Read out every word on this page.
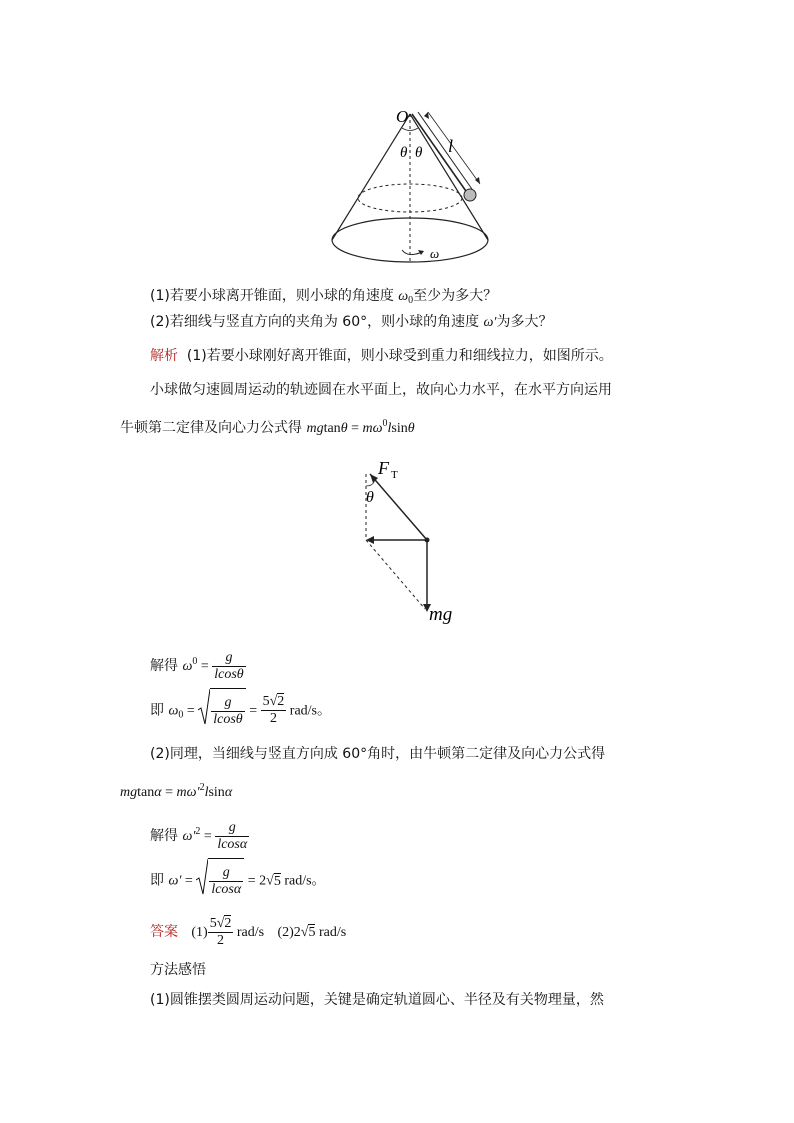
O
θ θ l
ω
(1)若要小球离开锥面，则小球的角速度 $\omega_0$至少为多大？
(2)若细线与竖直方向的夹角为 60°，则小球的角速度 ω′为多大？
解析 (1)若要小球刚好离开锥面，则小球受到重力和细线拉力，如图所示。
小球做匀速圆周运动的轨迹圆在水平面上，故向心力水平，在水平方向运用
牛顿第二定律及向心力公式得 $mgtan\theta = m\omega^0lsin\theta$
F T
θ
mg
解得 $\omega^0 = \frac{g}{lcos\theta}$
即 $\omega_0 = \frac{g}{lcos\theta} = \frac{5√2}{2} rad/s$。
(2)同理，当细线与竖直方向成 60°角时，由牛顿第二定律及向心力公式得
$mgtan\alpha = m\omega'^2lsin\alpha$
解得 $\omega'^2 = \frac{g}{lcos\alpha}$
即 $\omega' = \frac{g}{lcos\alpha} = 2√5$ rad/s。
答案 $(1) \frac{5√2}{2} rad/s$ (2)2√5 rad/s
方法感悟
(1)圆锥摆类圆周运动问题，关键是确定轨道圆心、半径及有关物理量，然
